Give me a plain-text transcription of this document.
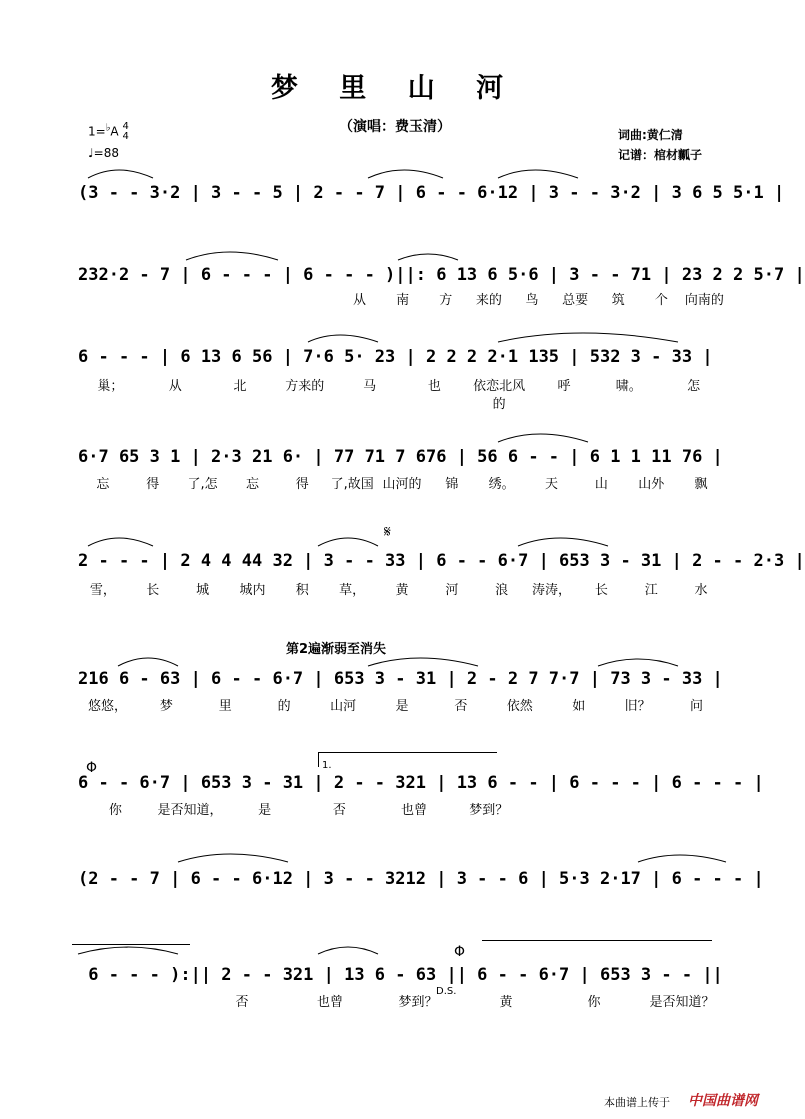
梦 里 山 河
（演唱：费玉清）
1=♭A 4
4
♩=88
词曲:黄仁清
记谱：棺材瓤子
第2遍渐弱至消失
𝄋
Φ
Φ
D.S.
1.
(3 - - 3·2 | 3 - - 5 | 2 - - 7 | 6 - - 6·12 | 3 - - 3·2 | 3 6 5 5·1 |
232·2 - 7 | 6 - - - | 6 - - - )||: 6 13 6 5·6 | 3 - - 71 | 23 2 2 5·7 |
从	南	方	来的	鸟	总要	筑	个	向南的
6 - - - | 6 13 6 56 | 7·6 5· 23 | 2 2 2 2·1 135 | 532 3 - 33 |
巢；	从	北	方来的	马	也	依恋北风的
呼	啸。	怎
6·7 65 3 1 | 2·3 21 6· | 77 71 7 676 | 56 6 - - | 6 1 1 11 76 |
忘	得	了,怎	忘	得	了,故国 山河的	锦	绣。	天	山	山外	飘
2 - - - | 2 4 4 44 32 | 3 - - 33 | 6 - - 6·7 | 653 3 - 31 | 2 - - 2·3 |
雪，	长	城	城内	积	草，	黄	河	浪	涛涛，	长	江	水
216 6 - 63 | 6 - - 6·7 | 653 3 - 31 | 2 - 2 7 7·7 | 73 3 - 33 |
悠悠，	梦	里	的	山河	是	否	依然	如	旧？	问
6 - - 6·7 | 653 3 - 31 | 2 - - 321 | 13 6 - - | 6 - - - | 6 - - - |
你	是否知道，	是	否	也曾	梦到？
(2 - - 7 | 6 - - 6·12 | 3 - - 3212 | 3 - - 6 | 5·3 2·17 | 6 - - - |
6 - - - ):|| 2 - - 321 | 13 6 - 63 || 6 - - 6·7 | 653 3 - - ||
否	也曾	梦到？	黄	你	是否知道？
本曲谱上传于 中国曲谱网
